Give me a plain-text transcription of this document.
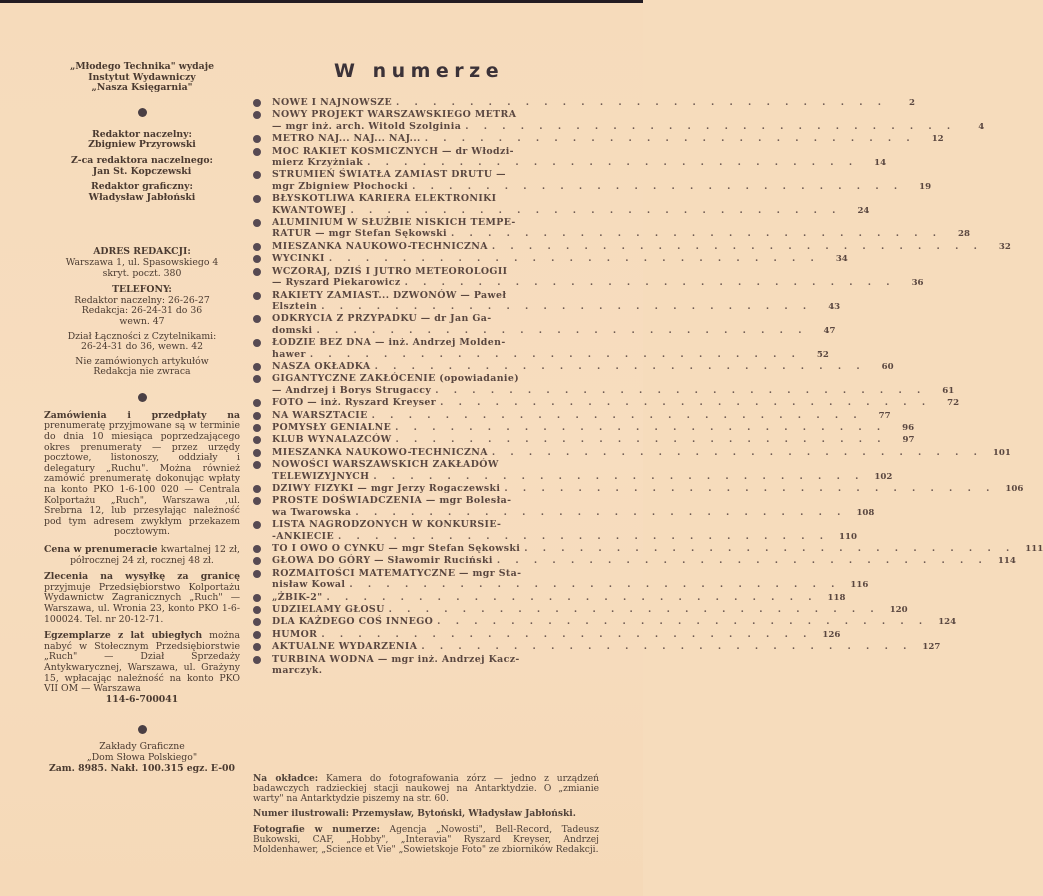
„Młodego Technika" wydaje
Instytut Wydawniczy
„Nasza Księgarnia"
Redaktor naczelny:
Zbigniew Przyrowski
Z-ca redaktora naczelnego:
Jan St. Kopczewski
Redaktor graficzny:
Władysław Jabłoński
ADRES REDAKCJI:
Warszawa 1, ul. Spasowskiego 4
skryt. poczt. 380
TELEFONY:
Redaktor naczelny: 26-26-27
Redakcja: 26-24-31 do 36
wewn. 47
Dział Łączności z Czytelnikami:
26-24-31 do 36, wewn. 42
Nie zamówionych artykułów
Redakcja nie zwraca

Zamówienia i przedpłaty na prenumeratę przyjmowane są w terminie do dnia 10 miesiąca poprzedzającego okres prenumeraty — przez urzędy pocztowe, listonoszy, oddziały i delegatury „Ruchu". Można również zamówić prenumeratę dokonując wpłaty na konto PKO 1-6-100 020 — Centrala Kolportażu „Ruch", Warszawa ,ul. Srebrna 12, lub przesyłając należność pod tym adresem zwykłym przekazem pocztowym.

Cena w prenumeracie kwartalnej 12 zł, półrocznej 24 zł, rocznej 48 zł.

Zlecenia na wysyłkę za granicę przyjmuje Przedsiębiorstwo Kolportażu Wydawnictw Zagranicznych „Ruch" — Warszawa, ul. Wronia 23, konto PKO 1-6-100024. Tel. nr 20-12-71.

Egzemplarze z lat ubiegłych można nabyć w Stołecznym Przedsiębiorstwie „Ruch" — Dział Sprzedaży Antykwarycznej, Warszawa, ul. Grażyny 15, wpłacając należność na konto PKO VII OM — Warszawa

114-6-700041
Zakłady Graficzne
„Dom Słowa Polskiego"
Zam. 8985. Nakł. 100.315 egz. E-00
W numerze
NOWE I NAJNOWSZE . . . . . . . . . . . . . . . . . . . . . . . . . . .	2
NOWY PROJEKT WARSZAWSKIEGO METRA
— mgr inż. arch. Witold Szolginia . . . . . . . . . . . . . . . . . . . . . . . . . . .	4
METRO NAJ... NAJ... NAJ... . . . . . . . . . . . . . . . . . . . . . . . . . . .	12
MOC RAKIET KOSMICZNYCH — dr Włodzi-
mierz Krzyżniak . . . . . . . . . . . . . . . . . . . . . . . . . . .	14
STRUMIEŃ ŚWIATŁA ZAMIAST DRUTU —
mgr Zbigniew Płochocki . . . . . . . . . . . . . . . . . . . . . . . . . . .	19
BŁYSKOTLIWA KARIERA ELEKTRONIKI
KWANTOWEJ . . . . . . . . . . . . . . . . . . . . . . . . . . .	24
ALUMINIUM W SŁUŻBIE NISKICH TEMPE-
RATUR — mgr Stefan Sękowski . . . . . . . . . . . . . . . . . . . . . . . . . . .	28
MIESZANKA NAUKOWO-TECHNICZNA . . . . . . . . . . . . . . . . . . . . . . . . . . .	32
WYCINKI . . . . . . . . . . . . . . . . . . . . . . . . . . .	34
WCZORAJ, DZIŚ I JUTRO METEOROLOGII
— Ryszard Piekarowicz . . . . . . . . . . . . . . . . . . . . . . . . . . .	36
RAKIETY ZAMIAST... DZWONÓW — Paweł
Elsztein . . . . . . . . . . . . . . . . . . . . . . . . . . .	43
ODKRYCIA Z PRZYPADKU — dr Jan Ga-
domski . . . . . . . . . . . . . . . . . . . . . . . . . . .	47
ŁODZIE BEZ DNA — inż. Andrzej Molden-
hawer . . . . . . . . . . . . . . . . . . . . . . . . . . .	52
NASZA OKŁADKA . . . . . . . . . . . . . . . . . . . . . . . . . . .	60
GIGANTYCZNE ZAKŁÓCENIE (opowiadanie)
— Andrzej i Borys Strugaccy . . . . . . . . . . . . . . . . . . . . . . . . . . .	61
FOTO — inż. Ryszard Kreyser . . . . . . . . . . . . . . . . . . . . . . . . . . .	72
NA WARSZTACIE . . . . . . . . . . . . . . . . . . . . . . . . . . .	77
POMYSŁY GENIALNE . . . . . . . . . . . . . . . . . . . . . . . . . . .	96
KLUB WYNALAZCÓW . . . . . . . . . . . . . . . . . . . . . . . . . . .	97
MIESZANKA NAUKOWO-TECHNICZNA . . . . . . . . . . . . . . . . . . . . . . . . . . .	101
NOWOŚCI WARSZAWSKICH ZAKŁADÓW
TELEWIZYJNYCH . . . . . . . . . . . . . . . . . . . . . . . . . . .	102
DZIWY FIZYKI — mgr Jerzy Rogaczewski . . . . . . . . . . . . . . . . . . . . . . . . . . .	106
PROSTE DOŚWIADCZENIA — mgr Bolesła-
wa Twarowska . . . . . . . . . . . . . . . . . . . . . . . . . . .	108
LISTA NAGRODZONYCH W KONKURSIE-
-ANKIECIE . . . . . . . . . . . . . . . . . . . . . . . . . . .	110
TO I OWO O CYNKU — mgr Stefan Sękowski . . . . . . . . . . . . . . . . . . . . . . . . . . .	111
GŁOWA DO GÓRY — Sławomir Ruciński . . . . . . . . . . . . . . . . . . . . . . . . . . .	114
ROZMAITOŚCI MATEMATYCZNE — mgr Sta-
nisław Kowal . . . . . . . . . . . . . . . . . . . . . . . . . . .	116
„ŻBIK-2" . . . . . . . . . . . . . . . . . . . . . . . . . . .	118
UDZIELAMY GŁOSU . . . . . . . . . . . . . . . . . . . . . . . . . . .	120
DLA KAŻDEGO COŚ INNEGO . . . . . . . . . . . . . . . . . . . . . . . . . . .	124
HUMOR . . . . . . . . . . . . . . . . . . . . . . . . . . .	126
AKTUALNE WYDARZENIA . . . . . . . . . . . . . . . . . . . . . . . . . . .	127
TURBINA WODNA — mgr inż. Andrzej Kacz-
marczyk.

Na okładce: Kamera do fotografowania zórz — jedno z urządzeń badawczych radzieckiej stacji naukowej na Antarktydzie. O „zmianie warty" na Antarktydzie piszemy na str. 60.

Numer ilustrowali: Przemysław, Bytoński, Władysław Jabłoński.

Fotografie w numerze: Agencja „Nowosti", Bell-Record, Tadeusz Bukowski, CAF, „Hobby", „Interavia" Ryszard Kreyser, Andrzej Moldenhawer, „Science et Vie" „Sowietskoje Foto" ze zbiorników Redakcji.
